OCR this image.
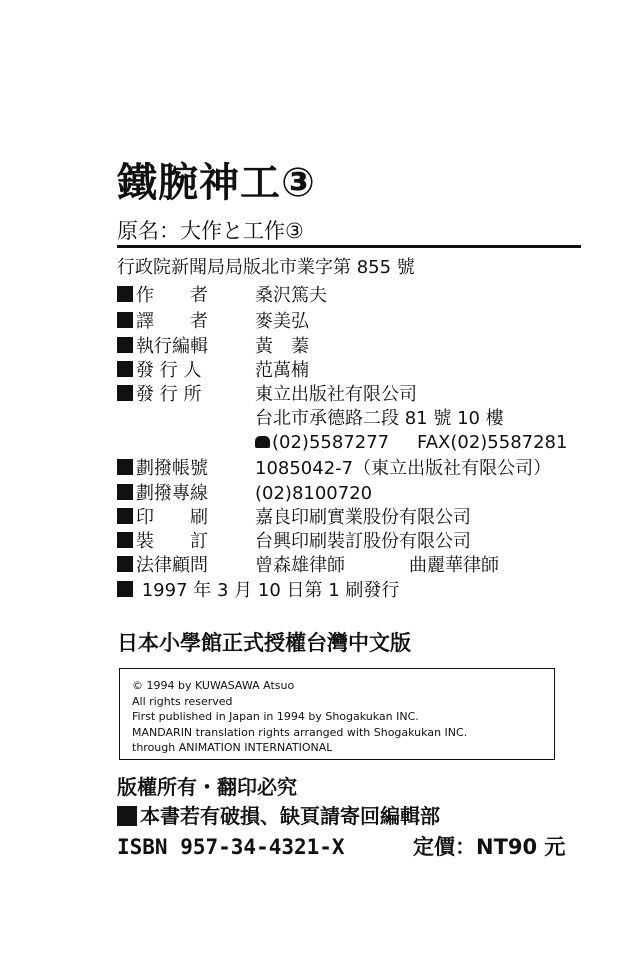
鐵腕神工③
原名：大作と工作③
行政院新聞局局版北市業字第 855 號
作　　者	桑沢篤夫
譯　　者	麥美弘
執行編輯	黃　蓁
發 行 人	范萬楠
發 行 所	東立出版社有限公司
台北市承德路二段 81 號 10 樓
(02)5587277 FAX(02)5587281
劃撥帳號	1085042-7（東立出版社有限公司）
劃撥專線	(02)8100720
印　　刷	嘉良印刷實業股份有限公司
裝　　訂	台興印刷裝訂股份有限公司
法律顧問	曾森雄律師	曲麗華律師
1997 年 3 月 10 日第 1 刷發行
日本小學館正式授權台灣中文版
© 1994 by KUWASAWA Atsuo
All rights reserved
First published in Japan in 1994 by Shogakukan INC.
MANDARIN translation rights arranged with Shogakukan INC.
through ANIMATION INTERNATIONAL
版權所有・翻印必究
本書若有破損、缺頁請寄回編輯部
ISBN 957-34-4321-X	定價：NT90 元
